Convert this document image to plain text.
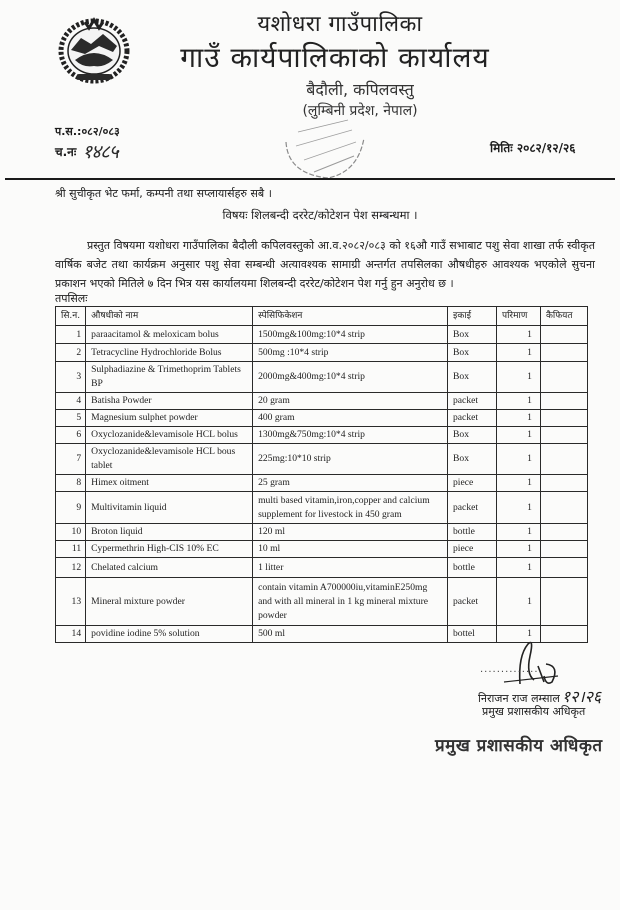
यशोधरा गाउँपालिका
गाउँ कार्यपालिकाको कार्यालय
बैदौली, कपिलवस्तु
(लुम्बिनी प्रदेश, नेपाल)
प.स.:०८२/०८३
च.नः १४८५	मितिः २०८२/१२/२६
श्री सुचीकृत भेट फर्मा, कम्पनी तथा सप्लायार्सहरु सबै ।
विषयः शिलबन्दी दररेट/कोटेशन पेश सम्बन्धमा ।
प्रस्तुत विषयमा यशोधरा गाउँपालिका बैदौली कपिलवस्तुको आ.व.२०८२/०८३ को १६औ गाउँ सभाबाट पशु सेवा शाखा तर्फ स्वीकृत वार्षिक बजेट तथा कार्यक्रम अनुसार पशु सेवा सम्बन्धी अत्यावश्यक सामाग्री अन्तर्गत तपसिलका औषधीहरु आवश्यक भएकोले सुचना प्रकाशन भएको मितिले ७ दिन भित्र यस कार्यालयमा शिलबन्दी दररेट/कोटेशन पेश गर्नु हुन अनुरोध छ ।
तपसिलः
सि.न.	औषधीको नाम	स्पेसिफिकेशन	इकाई	परिमाण	कैफियत
1	paraacitamol & meloxicam bolus	1500mg&100mg:10*4 strip	Box	1	
2	Tetracycline Hydrochloride Bolus	500mg :10*4 strip	Box	1	
3	Sulphadiazine & Trimethoprim Tablets BP	2000mg&400mg:10*4 strip	Box	1	
4	Batisha Powder	20 gram	packet	1	
5	Magnesium sulphet powder	400 gram	packet	1	
6	Oxyclozanide&levamisole HCL bolus	1300mg&750mg:10*4 strip	Box	1	
7	Oxyclozanide&levamisole HCL bous tablet	225mg:10*10 strip	Box	1	
8	Himex oitment	25 gram	piece	1	
9	Multivitamin liquid	multi based vitamin,iron,copper and calcium supplement for livestock in 450 gram	packet	1	
10	Broton liquid	120 ml	bottle	1	
11	Cypermethrin High-CIS 10% EC	10 ml	piece	1	
12	Chelated calcium	1 litter	bottle	1	
13	Mineral mixture powder	contain vitamin A700000iu,vitaminE250mg and with all mineral in 1 kg mineral mixture powder	packet	1	
14	povidine iodine 5% solution	500 ml	bottel	1	
..............
निराजन राज लम्साल १२।२६
प्रमुख प्रशासकीय अधिकृत
प्रमुख प्रशासकीय अधिकृत
